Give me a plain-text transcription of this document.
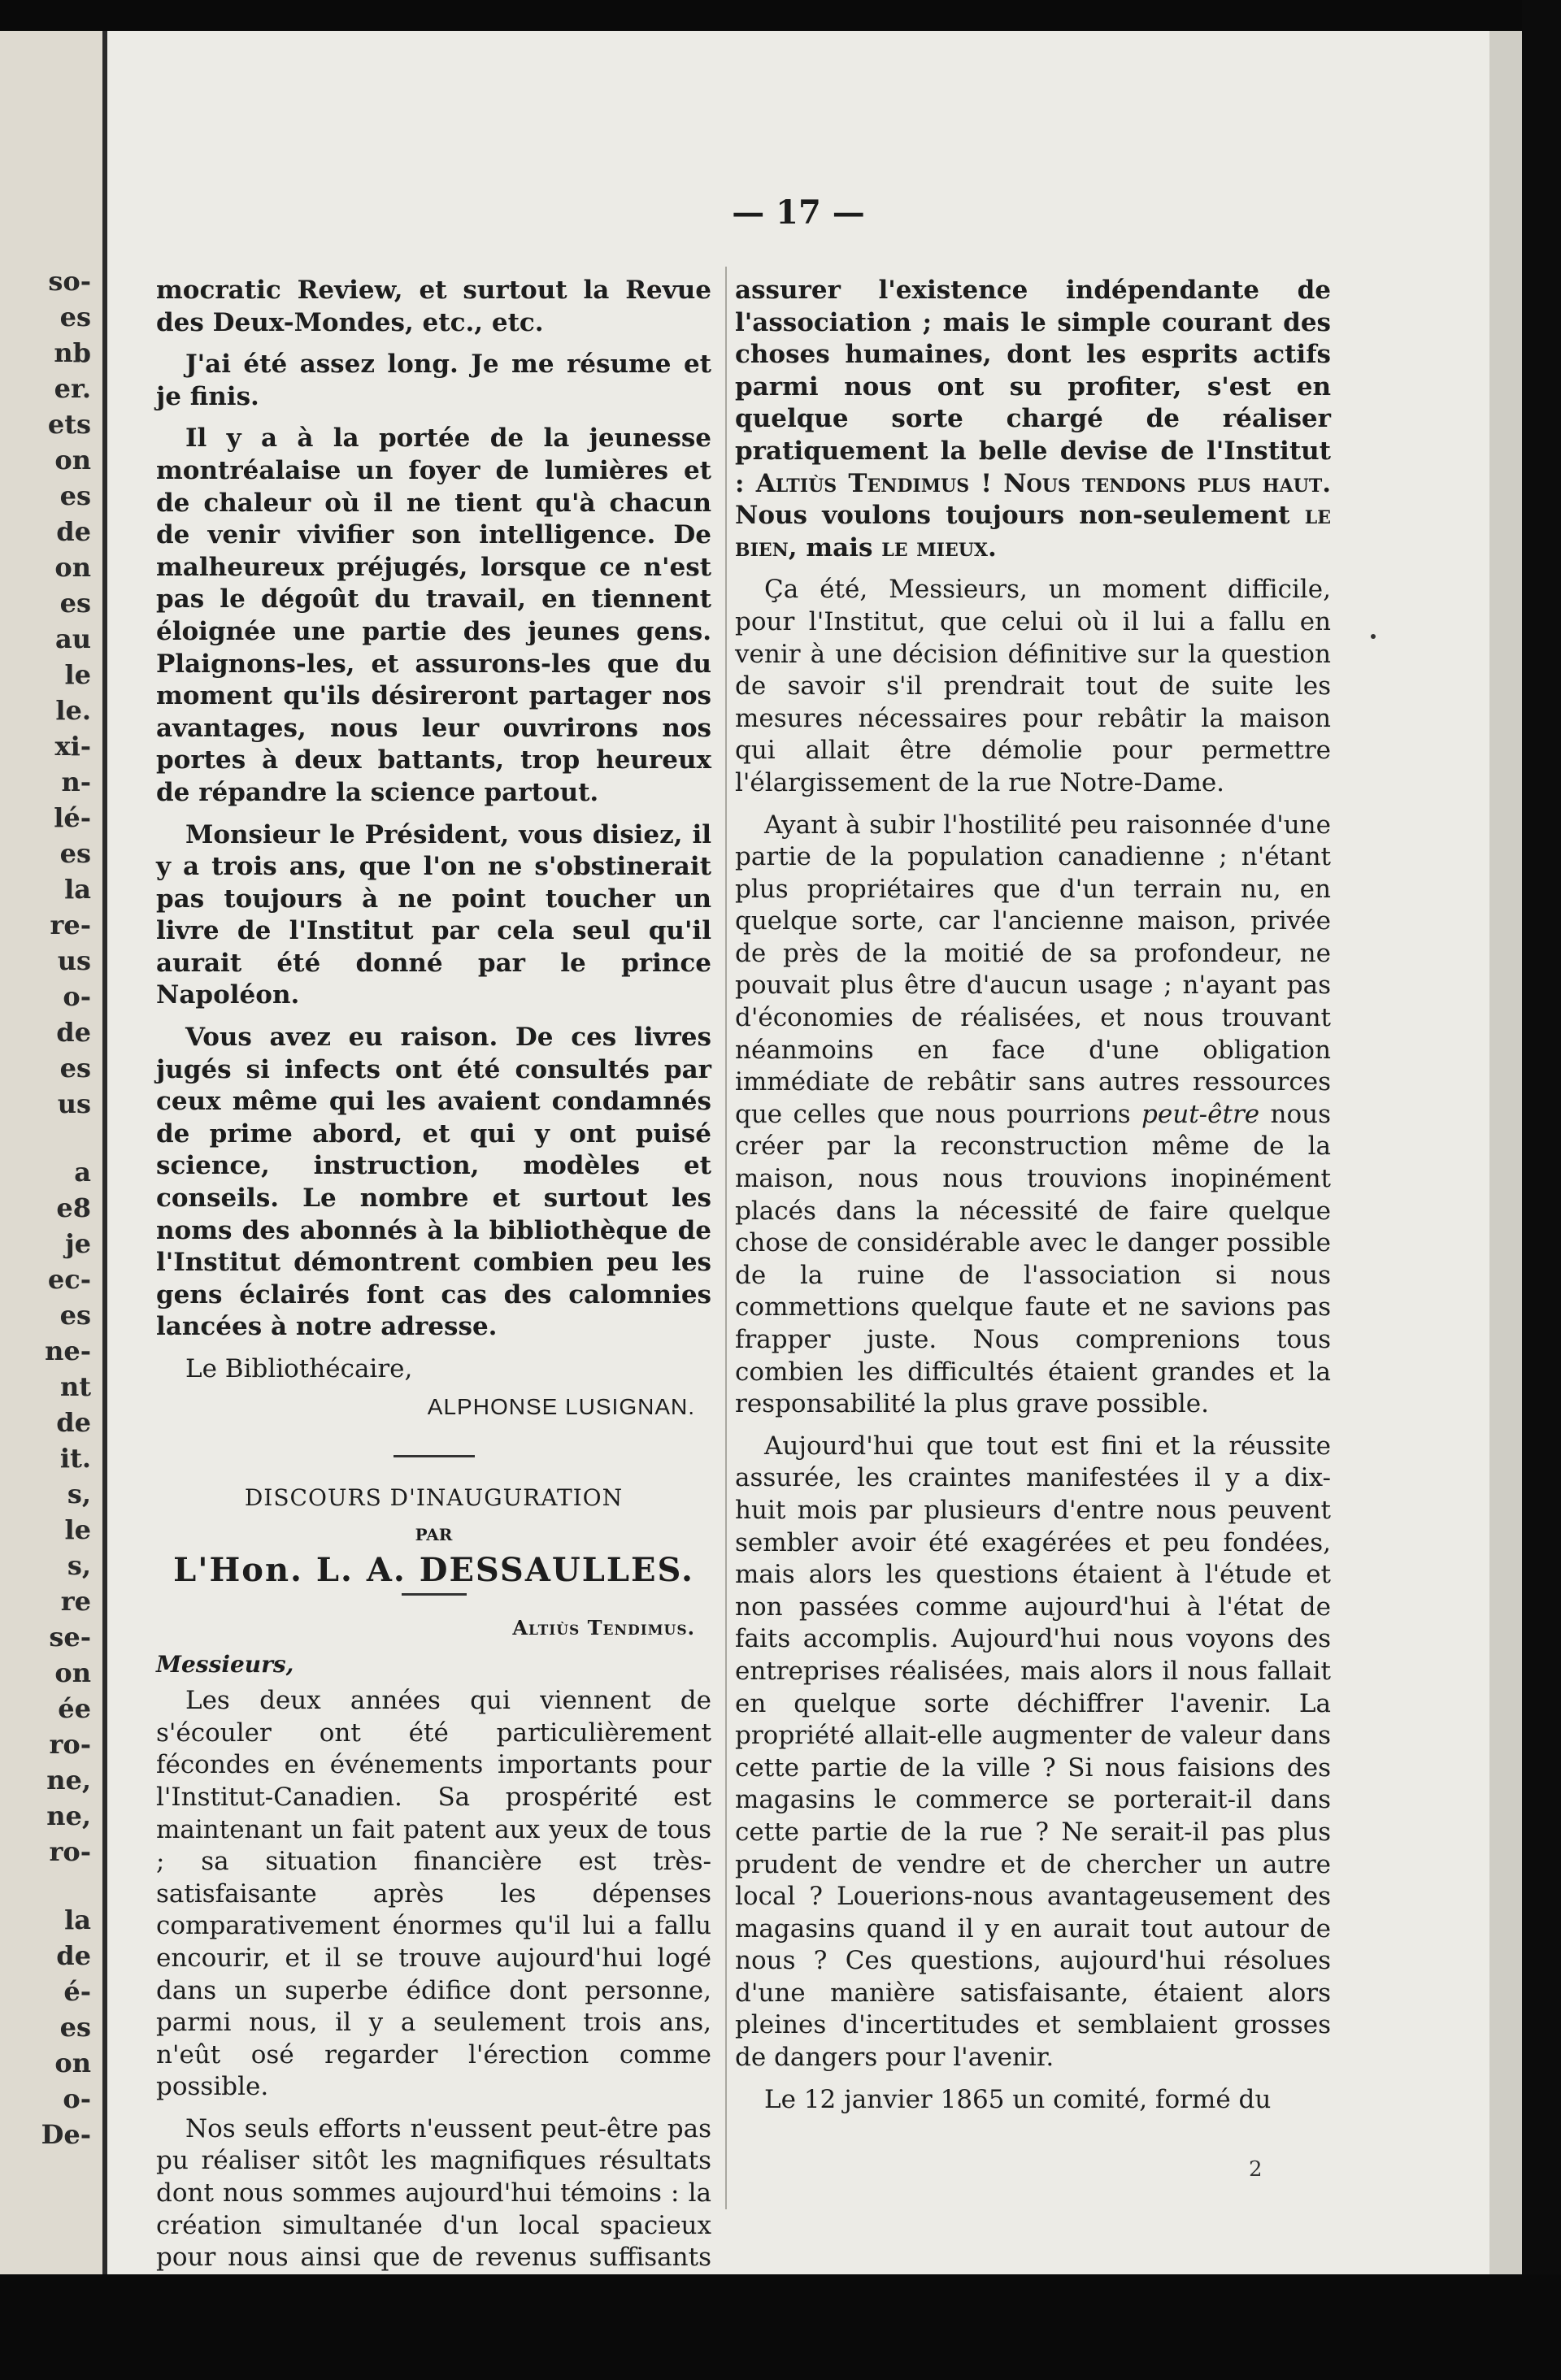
so-
es
nb
er.
ets
on
es
de
on
es
au
le
le.
xi-
n-
lé-
es
la
re-
us
o-
de
es
us
a
e8
je
ec-
es
ne-
nt
de
it.
s,
le
s,
re
se-
on
ée
ro-
ne,
ne,
ro-
la
de
é-
es
on
o-
De-
— 17 —

mocratic Review, et surtout la Revue des Deux-Mondes, etc., etc.

J'ai été assez long. Je me résume et je finis.

Il y a à la portée de la jeunesse montréalaise un foyer de lumières et de chaleur où il ne tient qu'à chacun de venir vivifier son intelligence. De malheureux préjugés, lorsque ce n'est pas le dégoût du travail, en tiennent éloignée une partie des jeunes gens. Plaignons-les, et assurons-les que du moment qu'ils désireront partager nos avantages, nous leur ouvrirons nos portes à deux battants, trop heureux de répandre la science partout.

Monsieur le Président, vous disiez, il y a trois ans, que l'on ne s'obstinerait pas toujours à ne point toucher un livre de l'Institut par cela seul qu'il aurait été donné par le prince Napoléon.

Vous avez eu raison. De ces livres jugés si infects ont été consultés par ceux même qui les avaient condamnés de prime abord, et qui y ont puisé science, instruction, modèles et conseils. Le nombre et surtout les noms des abonnés à la bibliothèque de l'Institut démontrent combien peu les gens éclairés font cas des calomnies lancées à notre adresse.

Le Bibliothécaire,
ALPHONSE LUSIGNAN.
DISCOURS D'INAUGURATION
PAR
L'Hon. L. A. DESSAULLES.
Altiùs Tendimus.
Messieurs,

Les deux années qui viennent de s'écouler ont été particulièrement fécondes en événements importants pour l'Institut-Canadien. Sa prospérité est maintenant un fait patent aux yeux de tous ; sa situation financière est très-satisfaisante après les dépenses comparativement énormes qu'il lui a fallu encourir, et il se trouve aujourd'hui logé dans un superbe édifice dont personne, parmi nous, il y a seulement trois ans, n'eût osé regarder l'érection comme possible.

Nos seuls efforts n'eussent peut-être pas pu réaliser sitôt les magnifiques résultats dont nous sommes aujourd'hui témoins : la création simultanée d'un local spacieux pour nous ainsi que de revenus suffisants

assurer l'existence indépendante de l'association ; mais le simple courant des choses humaines, dont les esprits actifs parmi nous ont su profiter, s'est en quelque sorte chargé de réaliser pratiquement la belle devise de l'Institut : Altiùs Tendimus ! Nous tendons plus haut. Nous voulons toujours non-seulement le bien, mais le mieux.

Ça été, Messieurs, un moment difficile, pour l'Institut, que celui où il lui a fallu en venir à une décision définitive sur la question de savoir s'il prendrait tout de suite les mesures nécessaires pour rebâtir la maison qui allait être démolie pour permettre l'élargissement de la rue Notre-Dame.

Ayant à subir l'hostilité peu raisonnée d'une partie de la population canadienne ; n'étant plus propriétaires que d'un terrain nu, en quelque sorte, car l'ancienne maison, privée de près de la moitié de sa profondeur, ne pouvait plus être d'aucun usage ; n'ayant pas d'économies de réalisées, et nous trouvant néanmoins en face d'une obligation immédiate de rebâtir sans autres ressources que celles que nous pourrions peut-être nous créer par la reconstruction même de la maison, nous nous trouvions inopinément placés dans la nécessité de faire quelque chose de considérable avec le danger possible de la ruine de l'association si nous commettions quelque faute et ne savions pas frapper juste. Nous comprenions tous combien les difficultés étaient grandes et la responsabilité la plus grave possible.

Aujourd'hui que tout est fini et la réussite assurée, les craintes manifestées il y a dix-huit mois par plusieurs d'entre nous peuvent sembler avoir été exagérées et peu fondées, mais alors les questions étaient à l'étude et non passées comme aujourd'hui à l'état de faits accomplis. Aujourd'hui nous voyons des entreprises réalisées, mais alors il nous fallait en quelque sorte déchiffrer l'avenir. La propriété allait-elle augmenter de valeur dans cette partie de la ville ? Si nous faisions des magasins le commerce se porterait-il dans cette partie de la rue ? Ne serait-il pas plus prudent de vendre et de chercher un autre local ? Louerions-nous avantageusement des magasins quand il y en aurait tout autour de nous ? Ces questions, aujourd'hui résolues d'une manière satisfaisante, étaient alors pleines d'incertitudes et semblaient grosses de dangers pour l'avenir.

Le 12 janvier 1865 un comité, formé du

2
